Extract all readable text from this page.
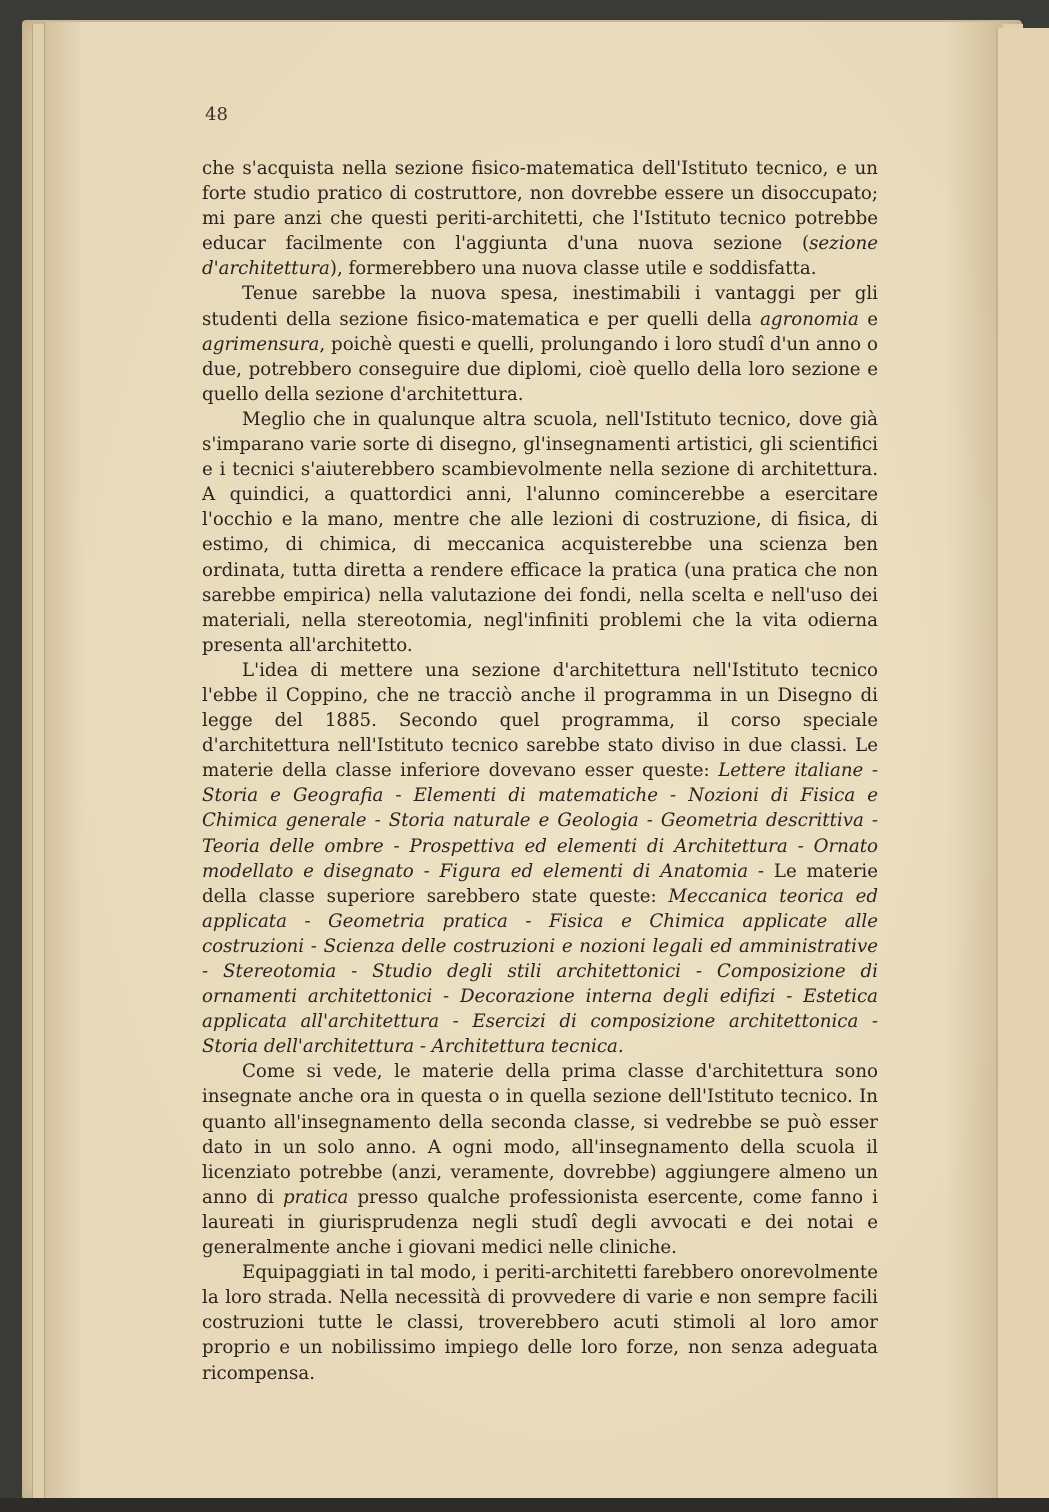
48

che s'acquista nella sezione fisico-matematica dell'Istituto tecnico, e un forte studio pratico di costruttore, non dovrebbe essere un disoccupato; mi pare anzi che questi periti-architetti, che l'Istituto tecnico potrebbe educar facilmente con l'aggiunta d'una nuova sezione (sezione d'architettura), formerebbero una nuova classe utile e soddisfatta.

Tenue sarebbe la nuova spesa, inestimabili i vantaggi per gli studenti della sezione fisico-matematica e per quelli della agronomia e agrimensura, poichè questi e quelli, prolungando i loro studî d'un anno o due, potrebbero conseguire due diplomi, cioè quello della loro sezione e quello della sezione d'architettura.

Meglio che in qualunque altra scuola, nell'Istituto tecnico, dove già s'imparano varie sorte di disegno, gl'insegnamenti artistici, gli scientifici e i tecnici s'aiuterebbero scambievolmente nella sezione di architettura. A quindici, a quattordici anni, l'alunno comincerebbe a esercitare l'occhio e la mano, mentre che alle lezioni di costruzione, di fisica, di estimo, di chimica, di meccanica acquisterebbe una scienza ben ordinata, tutta diretta a rendere efficace la pratica (una pratica che non sarebbe empirica) nella valutazione dei fondi, nella scelta e nell'uso dei materiali, nella stereotomia, negl'infiniti problemi che la vita odierna presenta all'architetto.

L'idea di mettere una sezione d'architettura nell'Istituto tecnico l'ebbe il Coppino, che ne tracciò anche il programma in un Disegno di legge del 1885. Secondo quel programma, il corso speciale d'architettura nell'Istituto tecnico sarebbe stato diviso in due classi. Le materie della classe inferiore dovevano esser queste: Lettere italiane - Storia e Geografia - Elementi di matematiche - Nozioni di Fisica e Chimica generale - Storia naturale e Geologia - Geometria descrittiva - Teoria delle ombre - Prospettiva ed elementi di Architettura - Ornato modellato e disegnato - Figura ed elementi di Anatomia - Le materie della classe superiore sarebbero state queste: Meccanica teorica ed applicata - Geometria pratica - Fisica e Chimica applicate alle costruzioni - Scienza delle costruzioni e nozioni legali ed amministrative - Stereotomia - Studio degli stili architettonici - Composizione di ornamenti architettonici - Decorazione interna degli edifizi - Estetica applicata all'architettura - Esercizi di composizione architettonica - Storia dell'architettura - Architettura tecnica.

Come si vede, le materie della prima classe d'architettura sono insegnate anche ora in questa o in quella sezione dell'Istituto tecnico. In quanto all'insegnamento della seconda classe, si vedrebbe se può esser dato in un solo anno. A ogni modo, all'insegnamento della scuola il licenziato potrebbe (anzi, veramente, dovrebbe) aggiungere almeno un anno di pratica presso qualche professionista esercente, come fanno i laureati in giurisprudenza negli studî degli avvocati e dei notai e generalmente anche i giovani medici nelle cliniche.

Equipaggiati in tal modo, i periti-architetti farebbero onorevolmente la loro strada. Nella necessità di provvedere di varie e non sempre facili costruzioni tutte le classi, troverebbero acuti stimoli al loro amor proprio e un nobilissimo impiego delle loro forze, non senza adeguata ricompensa.
